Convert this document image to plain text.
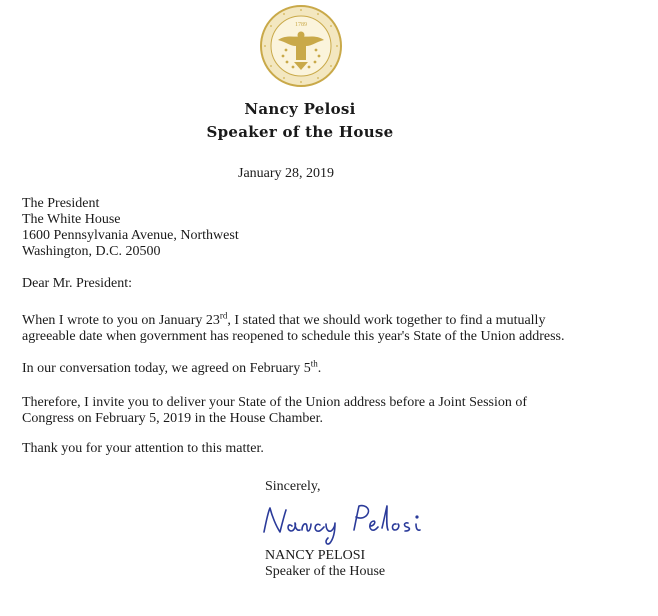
1789
Nancy Pelosi
Speaker of the House
January 28, 2019
The President
The White House
1600 Pennsylvania Avenue, Northwest
Washington, D.C. 20500
Dear Mr. President:
When I wrote to you on January 23rd, I stated that we should work together to find a mutually agreeable date when government has reopened to schedule this year's State of the Union address.
In our conversation today, we agreed on February 5th.
Therefore, I invite you to deliver your State of the Union address before a Joint Session of Congress on February 5, 2019 in the House Chamber.
Thank you for your attention to this matter.
Sincerely,
NANCY PELOSI
Speaker of the House
